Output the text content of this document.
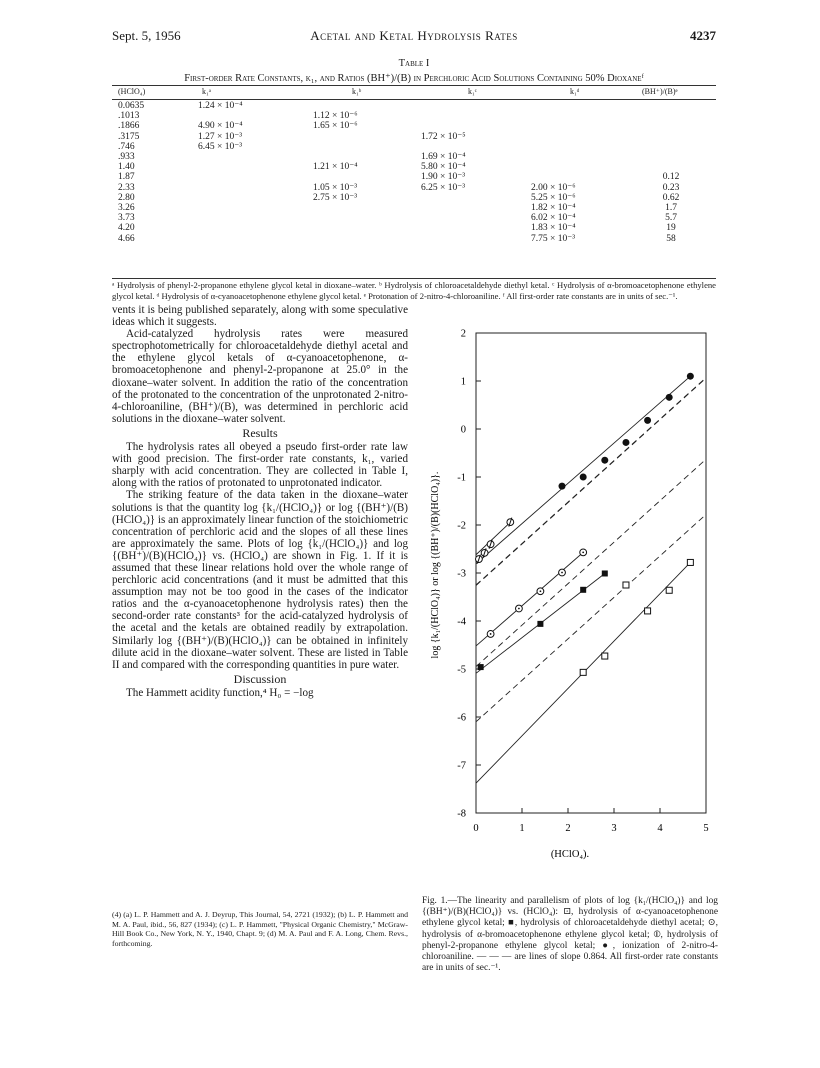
Sept. 5, 1956	Acetal and Ketal Hydrolysis Rates	4237
Table I
First-order Rate Constants, k₁, and Ratios (BH⁺)/(B) in Perchloric Acid Solutions Containing 50% Dioxaneᶠ
(HClO₄)	k₁ᵃ	k₁ᵇ	k₁ᶜ	k₁ᵈ	(BH⁺)/(B)ᵉ
0.0635	1.24 × 10⁻⁴				
.1013		1.12 × 10⁻⁶			
.1866	4.90 × 10⁻⁴	1.65 × 10⁻⁶			
.3175	1.27 × 10⁻³		1.72 × 10⁻⁵		
.746	6.45 × 10⁻³				
.933			1.69 × 10⁻⁴		
1.40		1.21 × 10⁻⁴	5.80 × 10⁻⁴		
1.87			1.90 × 10⁻³		0.12
2.33		1.05 × 10⁻³	6.25 × 10⁻³	2.00 × 10⁻⁶	0.23
2.80		2.75 × 10⁻³		5.25 × 10⁻⁶	0.62
3.26				1.82 × 10⁻⁴	1.7
3.73				6.02 × 10⁻⁴	5.7
4.20				1.83 × 10⁻⁴	19
4.66				7.75 × 10⁻³	58
ᵃ Hydrolysis of phenyl-2-propanone ethylene glycol ketal in dioxane–water. ᵇ Hydrolysis of chloroacetaldehyde diethyl ketal. ᶜ Hydrolysis of α-bromoacetophenone ethylene glycol ketal. ᵈ Hydrolysis of α-cyanoacetophenone ethylene glycol ketal. ᵉ Protonation of 2-nitro-4-chloroaniline. ᶠ All first-order rate constants are in units of sec.⁻¹.

vents it is being published separately, along with some speculative ideas which it suggests.

Acid-catalyzed hydrolysis rates were measured spectrophotometrically for chloroacetaldehyde diethyl acetal and the ethylene glycol ketals of α-cyanoacetophenone, α-bromoacetophenone and phenyl-2-propanone at 25.0° in the dioxane–water solvent. In addition the ratio of the concentration of the protonated to the concentration of the unprotonated 2-nitro-4-chloroaniline, (BH⁺)/(B), was determined in perchloric acid solutions in the dioxane–water solvent.

Results

The hydrolysis rates all obeyed a pseudo first-order rate law with good precision. The first-order rate constants, k₁, varied sharply with acid concentration. They are collected in Table I, along with the ratios of protonated to unprotonated indicator.

The striking feature of the data taken in the dioxane–water solutions is that the quantity log {k₁/(HClO₄)} or log {(BH⁺)/(B)(HClO₄)} is an approximately linear function of the stoichiometric concentration of perchloric acid and the slopes of all these lines are approximately the same. Plots of log {k₁/(HClO₄)} and log {(BH⁺)/(B)(HClO₄)} vs. (HClO₄) are shown in Fig. 1. If it is assumed that these linear relations hold over the whole range of perchloric acid concentrations (and it must be admitted that this assumption may not be too good in the cases of the indicator ratios and the α-cyanoacetophenone hydrolysis rates) then the second-order rate constants³ for the acid-catalyzed hydrolysis of the acetal and the ketals are obtained readily by extrapolation. Similarly log {(BH⁺)/(B)(HClO₄)} can be obtained in infinitely dilute acid in the dioxane–water solvent. These are listed in Table II and compared with the corresponding quantities in pure water.

Discussion

The Hammett acidity function,⁴ H₀ = −log

(4) (a) L. P. Hammett and A. J. Deyrup, This Journal, 54, 2721 (1932); (b) L. P. Hammett and M. A. Paul, ibid., 56, 827 (1934); (c) L. P. Hammett, "Physical Organic Chemistry," McGraw-Hill Book Co., New York, N. Y., 1940, Chapt. 9; (d) M. A. Paul and F. A. Long, Chem. Revs., forthcoming.
2
1
0
-1
-2
-3
-4
-5
-6
-7
-8
0	1	2	3	4	5
log {k₁/(HClO₄)} or log {(BH⁺)/(B)(HClO₄)}.
(HClO₄).
Fig. 1.—The linearity and parallelism of plots of log {k₁/(HClO₄)} and log {(BH⁺)/(B)(HClO₄)} vs. (HClO₄): ⊡, hydrolysis of α-cyanoacetophenone ethylene glycol ketal; ■, hydrolysis of chloroacetaldehyde diethyl acetal; ⊙, hydrolysis of α-bromoacetophenone ethylene glycol ketal; ⦶, hydrolysis of phenyl-2-propanone ethylene glycol ketal; ●, ionization of 2-nitro-4-chloroaniline. — — — are lines of slope 0.864. All first-order rate constants are in units of sec.⁻¹.
